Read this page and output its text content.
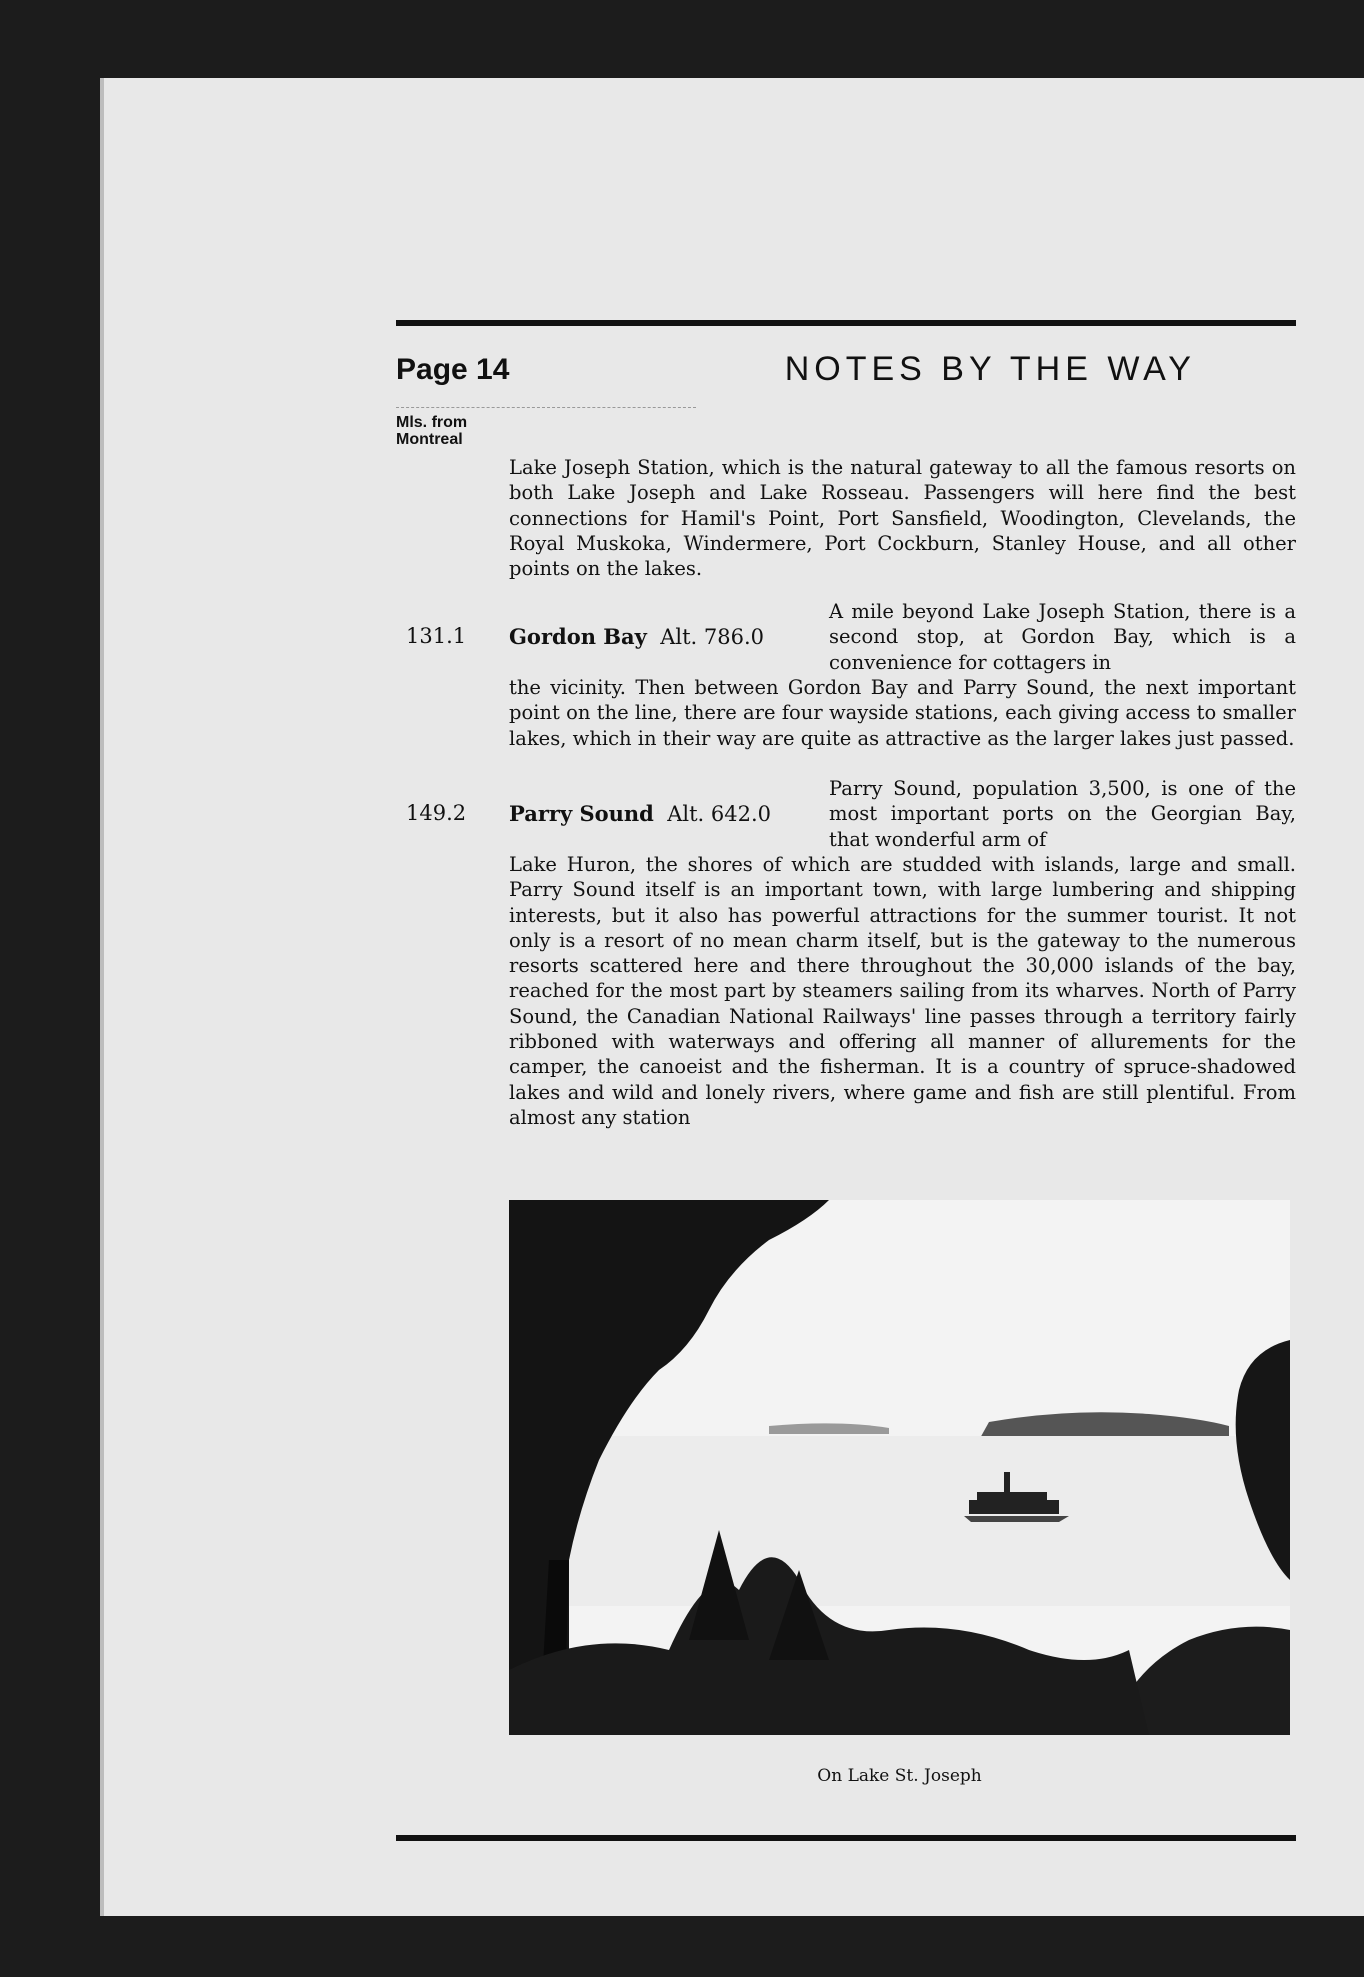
Page 14	NOTES BY THE WAY
Mls. from
Montreal
Lake Joseph Station, which is the natural gateway to all the famous resorts on both Lake Joseph and Lake Rosseau. Passengers will here find the best connections for Hamil's Point, Port Sansfield, Woodington, Clevelands, the Royal Muskoka, Windermere, Port Cockburn, Stanley House, and all other points on the lakes.
131.1 Gordon Bay Alt. 786.0
A mile beyond Lake Joseph Station, there is a second stop, at Gordon Bay, which is a convenience for cottagers in
the vicinity. Then between Gordon Bay and Parry Sound, the next important point on the line, there are four wayside stations, each giving access to smaller lakes, which in their way are quite as attractive as the larger lakes just passed.
149.2 Parry Sound Alt. 642.0
Parry Sound, population 3,500, is one of the most important ports on the Georgian Bay, that wonderful arm of
Lake Huron, the shores of which are studded with islands, large and small. Parry Sound itself is an important town, with large lumbering and shipping interests, but it also has powerful attractions for the summer tourist. It not only is a resort of no mean charm itself, but is the gateway to the numerous resorts scattered here and there throughout the 30,000 islands of the bay, reached for the most part by steamers sailing from its wharves. North of Parry Sound, the Canadian National Railways' line passes through a territory fairly ribboned with waterways and offering all manner of allurements for the camper, the canoeist and the fisherman. It is a country of spruce-shadowed lakes and wild and lonely rivers, where game and fish are still plentiful. From almost any station
On Lake St. Joseph
